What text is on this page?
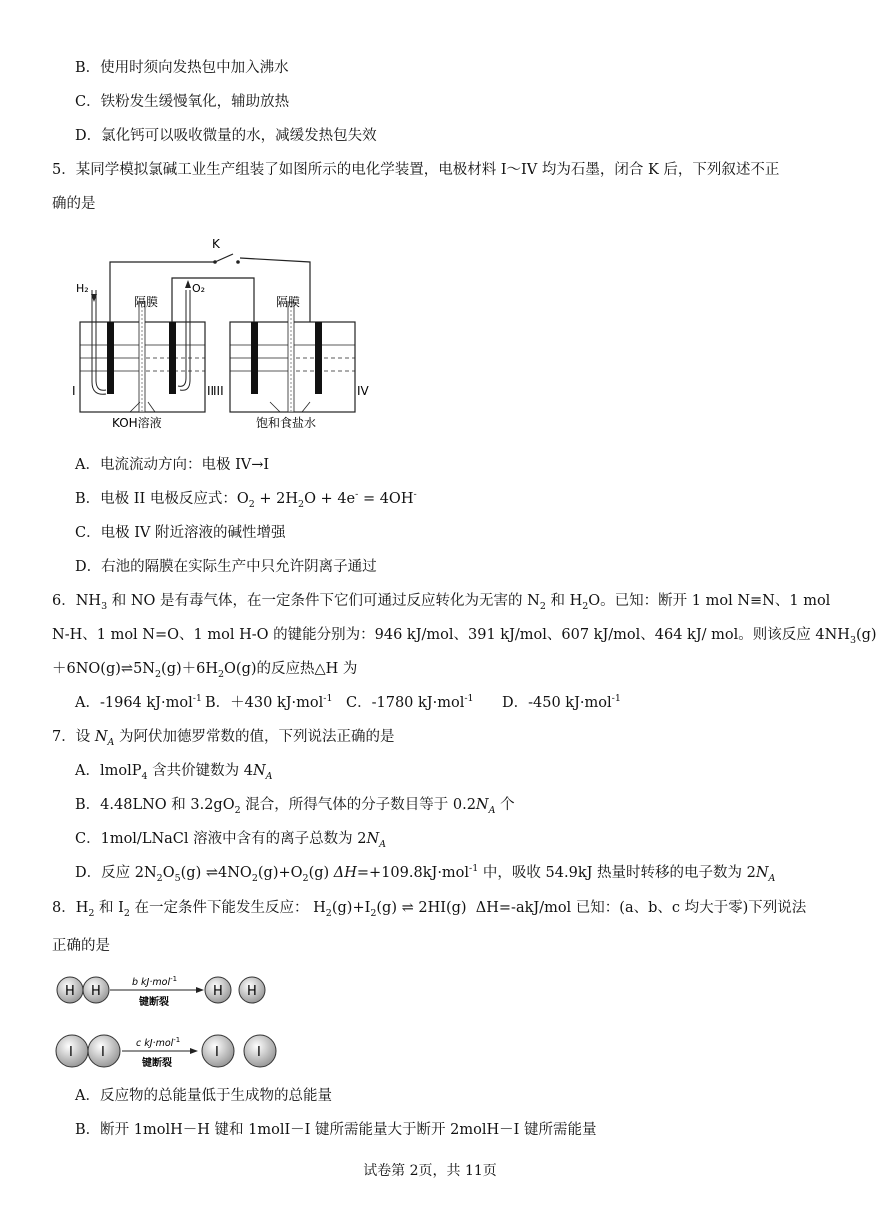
B．使用时须向发热包中加入沸水
C．铁粉发生缓慢氧化，辅助放热
D．氯化钙可以吸收微量的水，减缓发热包失效
5．某同学模拟氯碱工业生产组装了如图所示的电化学装置，电极材料 I～IV 均为石墨，闭合 K 后，下列叙述不正
确的是
K
H₂	O₂
隔膜	隔膜
I	II
III	IV
KOH溶液	饱和食盐水
A．电流流动方向：电极 IV→I
B．电极 II 电极反应式：$O_2 + 2H_2O + 4e^- = 4OH^-$
C．电极 IV 附近溶液的碱性增强
D．右池的隔膜在实际生产中只允许阴离子通过
6．$NH_3$ 和 NO 是有毒气体，在一定条件下它们可通过反应转化为无害的 $N_2$ 和 $H_2O$。已知：断开 1 mol N≡N、1 mol
N-H、1 mol N=O、1 mol H-O 的键能分别为：946 kJ/mol、391 kJ/mol、607 kJ/mol、464 kJ/ mol。则该反应 $4NH_3(g)$
$+6NO(g)\rightleftharpoons 5N_2(g)+6H_2O(g)$的反应热△H 为
A．-1964 kJ·mol$^{-1}$ B．＋430 kJ·mol$^{-1}$ C．-1780 kJ·mol$^{-1}$ D．-450 kJ·mol$^{-1}$
7．设 $N_A$ 为阿伏加德罗常数的值，下列说法正确的是
A．lmolP$_4$ 含共价键数为 $4N_A$
B．4.48LNO 和 $3.2gO_2$ 混合，所得气体的分子数目等于 $0.2N_A$ 个
C．1mol/LNaCl 溶液中含有的离子总数为 $2N_A$
D．反应 $2N_2O_5(g)$ $\rightleftharpoons 4NO_2(g)+O_2(g)$ ΔH=+109.8kJ·mol$^{-1}$ 中，吸收 54.9kJ 热量时转移的电子数为 $2N_A$
8．$H_2$ 和 $I_2$ 在一定条件下能发生反应： $H_2(g)+I_2(g)$ ⇌ 2HI(g) ΔH=-akJ/mol 已知：(a、b、c 均大于零)下列说法
正确的是
H H
b kJ·mol$^{-1}$
键断裂
H H
I I
c kJ·mol$^{-1}$
键断裂
I	I
A．反应物的总能量低于生成物的总能量
B．断开 1molH－H 键和 1molI－I 键所需能量大于断开 2molH－I 键所需能量
试卷第 2页，共 11页
